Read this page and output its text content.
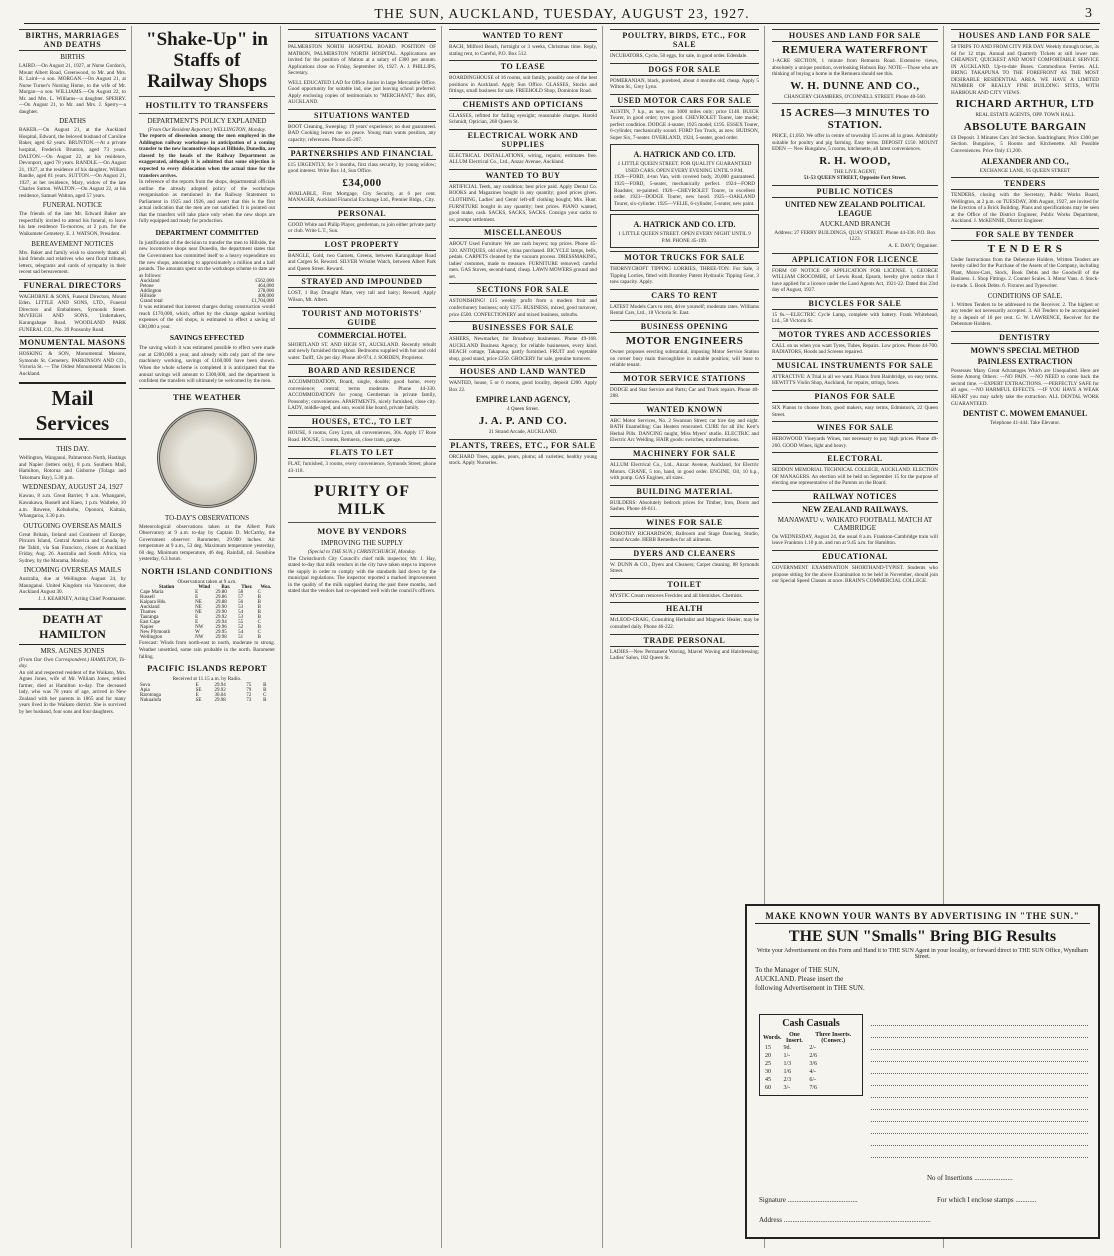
THE SUN, AUCKLAND, TUESDAY, AUGUST 23, 1927.	3
BIRTHS, MARRIAGES AND DEATHS
BIRTHS
LAIRD.—On August 21, 1927, at Nurse Gordon's, Mount Albert Road, Greenwood, to Mr. and Mrs. R. Laird—a son. MORGAN.—On August 21, at Nurse Turner's Nursing Home, to the wife of Mr. Morgan—a son. WILLIAMS.—On August 22, to Mr. and Mrs. L. Williams—a daughter. SPERRY.—On August 21, to Mr. and Mrs. J. Sperry—a daughter.
DEATHS
BAKER.—On August 21, at the Auckland Hospital, Edward, the beloved husband of Caroline Baker, aged 62 years. BRUNTON.—At a private hospital, Frederick Brunton, aged 73 years. DALTON.—On August 22, at his residence, Devonport, aged 70 years. RANDLE.—On August 21, 1927, at the residence of his daughter, William Randle, aged 81 years. SUTTON.—On August 21, 1927, at her residence, Mary, widow of the late Charles Sutton. WALTON.—On August 22, at his residence, Samuel Walton, aged 57 years.
FUNERAL NOTICE
The friends of the late Mr. Edward Baker are respectfully invited to attend his funeral, to leave his late residence To-morrow, at 2 p.m. for the Waikumete Cemetery. E. J. WATSON, President.
BEREAVEMENT NOTICES
Mrs. Baker and family wish to sincerely thank all kind friends and relatives who sent floral tributes, letters, telegrams and cards of sympathy in their recent sad bereavement.
FUNERAL DIRECTORS
WAGHORNE & SONS, Funeral Directors, Mount Eden. LITTLE AND SONS, LTD., Funeral Directors and Embalmers, Symonds Street. McVEIGH AND SONS, Undertakers, Karangahape Road. WOODLAND PARK FUNERAL CO., No. 39 Ponsonby Road.
MONUMENTAL MASONS
HOSKING & SON, Monumental Masons, Symonds St. Cemetery. PARKINSON AND CO., Victoria St. — The Oldest Monumental Masons in Auckland.
Mail Services
THIS DAY.
Wellington, Wanganui, Palmerston North, Hastings and Napier (letters only), 8 p.m. Southern Mail, Hamilton, Rotorua and Gisborne (Tolaga and Tokomaru Bay), 5.30 p.m.
WEDNESDAY, AUGUST 24, 1927
Kawau, 8 a.m. Great Barrier, 9 a.m. Whangarei, Kawakawa, Russell and Kaeo, 1 p.m. Waiheke, 10 a.m. Rawene, Kohukohu, Opononi, Kaitaia, Whangaroa, 3.30 p.m.
OUTGOING OVERSEAS MAILS
Great Britain, Ireland and Continent of Europe, Pitcairn Island, Central America and Canada, by the Tahiti, via San Francisco, closes at Auckland Friday, Aug. 26. Australia and South Africa, via Sydney, by the Marama, Monday.
INCOMING OVERSEAS MAILS
Australia, due at Wellington August 24, by Maunganui. United Kingdom via Vancouver, due Auckland August 30.
J. J. KEARNEY, Acting Chief Postmaster.
DEATH AT HAMILTON
MRS. AGNES JONES
(From Our Own Correspondent.) HAMILTON, To-day.
An old and respected resident of the Waikato, Mrs. Agnes Jones, wife of Mr. William Jones, retired farmer, died at Hamilton to-day. The deceased lady, who was 78 years of age, arrived in New Zealand with her parents in 1865 and for many years lived in the Waikato district. She is survived by her husband, four sons and four daughters.
"Shake-Up" in Staffs of Railway Shops
HOSTILITY TO TRANSFERS
DEPARTMENT'S POLICY EXPLAINED
(From Our Resident Reporter.) WELLINGTON, Monday.
The reports of dissension among the men employed in the Addington railway workshops in anticipation of a coming transfer to the new locomotive shops at Hillside, Dunedin, are classed by the heads of the Railway Department as exaggerated, although it is admitted that some objection is expected to every dislocation when the actual time for the transfers arrives.
In reference of the reports from the shops, departmental officials outline the already adopted policy of the workshops reorganisation as mentioned in the Railway Statement to Parliament in 1925 and 1926, and assert that this is the first actual indication that the men are not satisfied. It is pointed out that the transfers will take place only when the new shops are fully equipped and ready for production.
DEPARTMENT COMMITTED
In justification of the decision to transfer the men to Hillside, the new locomotive shops near Dunedin, the department states that the Government has committed itself to a heavy expenditure on the new shops, amounting to approximately a million and a half pounds. The amounts spent on the workshops scheme to date are as follows:
Auckland	£562,000
Petone	464,000
Addington	278,000
Hillside	400,000
Grand total	£1,704,000
It was estimated that interest charges during construction would reach £170,000, which, offset by the change against working expenses of the old shops, is estimated to effect a saving of £80,000 a year.
SAVINGS EFFECTED
The saving which it was estimated possible to effect were made out at £200,000 a year, and already with only part of the new machinery working, savings of £160,000 have been shown. When the whole scheme is completed it is anticipated that the annual savings will amount to £300,000, and the department is confident the transfers will ultimately be welcomed by the men.
THE WEATHER
TO-DAY'S OBSERVATIONS
Meteorological observations taken at the Albert Park Observatory at 9 a.m. to-day by Captain D. McCarthy, the Government observer: Barometer, 29.900 inches. Air temperature at 9 a.m., 53 deg. Maximum temperature yesterday, 60 deg. Minimum temperature, 46 deg. Rainfall, nil. Sunshine yesterday, 6.3 hours.
NORTH ISLAND CONDITIONS
Observations taken at 9 a.m.
Station	Wind	Bar.	Ther.	Wea.
Cape Maria	E	29.80	58	C
Russell	E	29.86	57	B
Kaipara Hds.	NE	29.88	56	B
Auckland	NE	29.90	53	B
Thames	NE	29.90	54	B
Tauranga	E	29.92	53	B
East Cape	E	29.94	55	C
Napier	NW	29.96	52	B
New Plymouth	W	29.95	54	C
Wellington	NW	29.98	51	B
Forecast: Winds from north-east to north, moderate to strong. Weather unsettled, some rain probable in the north. Barometer falling.
PACIFIC ISLANDS REPORT
Received at 11.15 a.m. by Radio.
Suva	E	29.94	75	B
Apia	SE	29.92	79	B
Rarotonga	E	30.04	72	C
Nukualofa	SE	29.98	73	B
SITUATIONS VACANT
PALMERSTON NORTH HOSPITAL BOARD. POSITION OF MATRON, PALMERSTON NORTH HOSPITAL. Applications are invited for the position of Matron at a salary of £300 per annum. Applications close on Friday, September 16, 1927. A. J. PHILLIPS, Secretary.
WELL EDUCATED LAD for Office Junior in large Mercantile Office. Good opportunity for suitable lad, one just leaving school preferred. Apply enclosing copies of testimonials to "MERCHANT," Box 466, AUCKLAND.
SITUATIONS WANTED
BOOT Cleaning, Sweeping: 19 years' experience; no dust guaranteed. BAD Cooking leaves me no peace. Young man wants position, any capacity; references. Phone 45-207.
PARTNERSHIPS AND FINANCIAL
£15 URGENTLY, for 3 months, first class security, by young widow; good interest. Write Box 14, Sun Office.
£34,000
AVAILABLE, First Mortgage, City Security, at 6 per cent. MANAGER, Auckland Financial Exchange Ltd., Premier Bldgs., City.
PERSONAL
GOOD White and Philip Player, gentleman, to join either private party or club. Write L.T., Sun.
LOST PROPERTY
BANGLE, Gold, two Garnets, Greens, between Karangahape Road and Cargen St. Reward. SILVER Wristlet Watch, between Albert Park and Queen Street. Reward.
STRAYED AND IMPOUNDED
LOST, 1 Bay Draught Mare, very tall and hairy; Reward; Apply Wilson, Mt. Albert.
TOURIST AND MOTORISTS' GUIDE
COMMERCIAL HOTEL
SHORTLAND ST. AND HIGH ST., AUCKLAND. Recently rebuilt and newly furnished throughout. Bedrooms supplied with hot and cold water. Tariff, 12s per day. Phone 40-974. J. SORDEN, Proprietor.
BOARD AND RESIDENCE
ACCOMMODATION, Board, single, double; good home, every convenience; central; terms moderate. Phone 44-330. ACCOMMODATION for young Gentleman in private family, Ponsonby; conveniences. APARTMENTS, nicely furnished, close city. LADY, middle-aged, and son, would like board, private family.
HOUSES, ETC., TO LET
HOUSE, 6 rooms, Grey Lynn, all conveniences, 30s. Apply 17 Rose Road. HOUSE, 5 rooms, Remuera, close tram, garage.
FLATS TO LET
FLAT, furnished, 3 rooms, every convenience, Symonds Street; phone 43-118.
PURITY OF MILK
MOVE BY VENDORS
IMPROVING THE SUPPLY
(Special to THE SUN.) CHRISTCHURCH, Monday.
The Christchurch City Council's chief milk inspector, Mr. J. Hay, stated to-day that milk vendors in the city have taken steps to improve the supply in order to comply with the standards laid down by the municipal regulations. The inspector reported a marked improvement in the quality of the milk supplied during the past three months, and stated that the vendors had co-operated well with the council's officers.
WANTED TO RENT
BACH, Milford Beach, fortnight or 3 weeks, Christmas time. Reply, stating rent, to Careful, P.O. Box 512.
TO LEASE
BOARDINGHOUSE of 16 rooms, suit family, possibly one of the best positions in Auckland. Apply Sun Office. GLASSES, Stocks and fittings, small business for sale. FREEHOLD Shop, Dominion Road.
CHEMISTS AND OPTICIANS
GLASSES, refitted for failing eyesight; reasonable charges. Harold Schmidt, Optician, 268 Queen St.
ELECTRICAL WORK AND SUPPLIES
ELECTRICAL INSTALLATIONS, wiring, repairs; estimates free. ALLUM Electrical Co., Ltd., Anzac Avenue, Auckland.
WANTED TO BUY
ARTIFICIAL Teeth, any condition; best price paid. Apply Dental Co. BOOKS and Magazines bought in any quantity; good prices given. CLOTHING, Ladies' and Gents' left-off clothing bought; Mrs. Hunt. FURNITURE bought in any quantity; best prices. PIANO wanted, good make, cash. SACKS, SACKS, SACKS. Consign your sacks to us; prompt settlement.
MISCELLANEOUS
ABOUT Used Furniture: We are cash buyers; top prices. Phone 45-320. ANTIQUES, old silver, china purchased. BICYCLE lamps, bells, pedals. CARPETS cleaned by the vacuum process. DRESSMAKING, ladies' costumes, made to measure. FURNITURE removed; careful men. GAS Stoves, second-hand, cheap. LAWN MOWERS ground and set.
SECTIONS FOR SALE
ASTONISHING! £15 weekly profit from a modern fruit and confectionery business; only £375. BUSINESS, mixed, good turnover, price £500. CONFECTIONERY and mixed business, suburbs.
BUSINESSES FOR SALE
ASHERS, Newmarket, for Broadway businesses. Phone 49-168. AUCKLAND Business Agency, for reliable businesses, every kind. BEACH cottage, Takapuna, partly furnished. FRUIT and vegetable shop, good stand, price £250. GROCERY for sale, genuine turnover.
HOUSES AND LAND WANTED
WANTED, house, 5 or 6 rooms, good locality, deposit £200. Apply Box 22.
EMPIRE LAND AGENCY,
4 Queen Street.
J. A. P. AND CO.
31 Strand Arcade, AUCKLAND.
PLANTS, TREES, ETC., FOR SALE
ORCHARD Trees, apples, pears, plums; all varieties; healthy young stock. Apply Nurseries.
POULTRY, BIRDS, ETC., FOR SALE
INCUBATORS, Cyclo, 50 eggs, for sale, in good order. Edendale.
DOGS FOR SALE
POMERANIAN, black, purebred, about 4 months old; cheap. Apply 5 Wilton St., Grey Lynn.
USED MOTOR CARS FOR SALE
AUSTIN, 7 h.p., as new, run 3000 miles only; price £140. BUICK Tourer, in good order; tyres good. CHEVROLET Tourer, late model; perfect condition. DODGE 4-seater, 1925 model; £195. ESSEX Tourer, 6-cylinder, mechanically sound. FORD Ton Truck, as new. HUDSON, Super Six, 7-seater. OVERLAND, 1924, 5-seater, good order.
A. HATRICK AND CO. LTD.
1 LITTLE QUEEN STREET. FOR QUALITY GUARANTEED USED CARS. OPEN EVERY EVENING UNTIL 9 P.M.
1926—FORD, 4-ton Van, with covered body, 20,000 guaranteed. 1925—FORD, 5-seater, mechanically perfect. 1924—FORD Roadster, re-painted. 1926—CHEVROLET Tourer, in excellent order. 1923—DODGE Tourer, new hood. 1925—OAKLAND Tourer, six-cylinder. 1925—VELIE, 6-cylinder, 5-seater, new paint.
A. HATRICK AND CO. LTD.
1 LITTLE QUEEN STREET. OPEN EVERY NIGHT UNTIL 9 P.M. PHONE 45-199.
MOTOR TRUCKS FOR SALE
THORNYCROFT TIPPING LORRIES, THREE-TON. For Sale, 3 Tipping Lorries, fitted with Bromley Patent Hydraulic Tipping Gear, 3 tons capacity. Apply.
CARS TO RENT
LATEST Models Cars to rent, drive yourself; moderate rates. Williams Rental Cars, Ltd., 18 Victoria St. East.
BUSINESS OPENING
MOTOR ENGINEERS
Owner proposes erecting substantial, imposing Motor Service Station on corner busy main thoroughfare in suitable position; will lease to reliable tenant.
MOTOR SERVICE STATIONS
DODGE and Star Service and Parts; Car and Truck repairs. Phone 40-288.
WANTED KNOWN
ABC Motor Services, No. 2 Swanson Street; car hire day and night. BATH Enamelling: Gas Heaters renovated. CURE for all ills: Kerr's Herbal Pills. DANCING taught, Miss Myers' studio. ELECTRIC and Electric Arc Welding. HAIR goods: switches, transformations.
MACHINERY FOR SALE
ALLUM Electrical Co., Ltd., Anzac Avenue, Auckland, for Electric Motors. CRANE, 5 ton, hand, in good order. ENGINE, Oil, 10 h.p., with pump. GAS Engines, all sizes.
BUILDING MATERIAL
BUILDERS: Absolutely bedrock prices for Timber, Iron, Doors and Sashes. Phone 46-611.
WINES FOR SALE
DOROTHY RICHARDSON, Ballroom and Stage Dancing, Studio, Strand Arcade. HERB Remedies for all ailments.
DYERS AND CLEANERS
W. DUNN & CO., Dyers and Cleaners; Carpet cleaning. 88 Symonds Street.
TOILET
MYSTIC Cream removes Freckles and all blemishes. Chemists.
HEALTH
McLEOD-CRAIG, Consulting Herbalist and Magnetic Healer, may be consulted daily. Phone 46-222.
TRADE PERSONAL
LADIES—New Permanent Waving, Marcel Waving and Hairdressing; Ladies' Salon, 182 Queen St.
HOUSES AND LAND FOR SALE
REMUERA WATERFRONT
1-ACRE SECTION, 1 minute from Remuera Road. Extensive views, absolutely a unique position, overlooking Hobson Bay. NOTE—Those who are thinking of buying a home in the Remuera should see this.
W. H. DUNNE AND CO.,
CHANCERY CHAMBERS, O'CONNELL STREET. Phone 40-560.
15 ACRES—3 MINUTES TO STATION.
PRICE, £1,050. We offer in centre of township 15 acres all in grass. Admirably suitable for poultry and pig farming. Easy terms. DEPOSIT £150. MOUNT EDEN — New Bungalow, 5 rooms, kitchenette, all latest conveniences.
R. H. WOOD,
THE LIVE AGENT,
51-53 QUEEN STREET, Opposite Fort Street.
PUBLIC NOTICES
UNITED NEW ZEALAND POLITICAL LEAGUE
AUCKLAND BRANCH
Address: 27 FERRY BUILDINGS, QUAY STREET. Phone 44-336. P.O. Box 1223.
A. E. DAVY, Organiser.
APPLICATION FOR LICENCE
FORM OF NOTICE OF APPLICATION FOR LICENSE. I, GEORGE WILLIAM CROCOMBE, of Lewis Road, Epsom, hereby give notice that I have applied for a licence under the Land Agents Act, 1921-22. Dated this 23rd day of August, 1927.
BICYCLES FOR SALE
15 6s.—ELECTRIC Cycle Lamp, complete with battery. Frank Whitehead, Ltd., 58 Victoria St.
MOTOR TYRES AND ACCESSORIES
CALL on us when you want Tyres, Tubes, Repairs. Low prices. Phone 44-700. RADIATORS, Hoods and Screens repaired.
MUSICAL INSTRUMENTS FOR SALE
ATTRACTIVE: A Trial is all we want. Pianos from Bainbridge, on easy terms. HEWITT'S Violin Shop, Auckland, for repairs, strings, bows.
PIANOS FOR SALE
SIX Pianos to choose from, good makers, easy terms, Edmiston's, 22 Queen Street.
WINES FOR SALE
HEROWOOD Vineyards Wines, not necessary to pay high prices. Phone 49-260. GOOD Wines, light and heavy.
ELECTORAL
SEDDON MEMORIAL TECHNICAL COLLEGE, AUCKLAND. ELECTION OF MANAGERS. An election will be held on September 15 for the purpose of electing one representative of the Parents on the Board.
RAILWAY NOTICES
NEW ZEALAND RAILWAYS.
MANAWATU v. WAIKATO FOOTBALL MATCH AT CAMBRIDGE
On WEDNESDAY, August 24, the usual 8 a.m. Frankton-Cambridge train will leave Frankton 1.10 p.m. and run at 9.45 a.m. for Hamilton.
EDUCATIONAL
GOVERNMENT EXAMINATION SHORTHAND-TYPIST. Students who propose sitting for the above Examination to be held in November, should join our Special Speed Classes at once. BRAIN'S COMMERCIAL COLLEGE.
HOUSES AND LAND FOR SALE
58 TRIPS TO AND FROM CITY PER DAY. Weekly through ticket, 3s 6d for 12 trips. Annual and Quarterly Tickets at still lower rate. CHEAPEST, QUICKEST AND MOST COMFORTABLE SERVICE IN AUCKLAND. Up-to-date Buses. Commodious Ferries. ALL BRING TAKAPUNA TO THE FOREFRONT AS THE MOST DESIRABLE RESIDENTIAL AREA. WE HAVE A LIMITED NUMBER OF REALLY FINE BUILDING SITES, WITH HARBOUR AND CITY VIEWS.
RICHARD ARTHUR, LTD
REAL ESTATE AGENTS, OPP. TOWN HALL
ABSOLUTE BARGAIN
£6 Deposit. 3 Minutes Cars 3rd Section. Sandringham; Price £300 per Section. Bungalow, 5 Rooms and Kitchenette. All Possible Conveniences. Price Only £1,200.
ALEXANDER AND CO.,
EXCHANGE LANE, 95 QUEEN STREET
TENDERS
TENDERS, closing with the Secretary, Public Works Board, Wellington, at 2 p.m. on TUESDAY, 30th August, 1927, are invited for the Erection of a Brick Building. Plans and specifications may be seen at the Office of the District Engineer, Public Works Department, Auckland. J. McKENNIE, District Engineer.
FOR SALE BY TENDER
T E N D E R S
Under Instructions from the Debenture Holders, Written Tenders are hereby called for the Purchase of the Assets of the Company, including Plant, Motor-Cars, Stock, Book Debts and the Goodwill of the Business. 1. Shop Fittings. 2. Counter Scales. 3. Motor Vans. 4. Stock-in-trade. 5. Book Debts. 6. Fixtures and Typewriter.
CONDITIONS OF SALE.
1. Written Tenders to be addressed to the Receiver. 2. The highest or any tender not necessarily accepted. 3. All Tenders to be accompanied by a deposit of 10 per cent. G. W. LAWRENCE, Receiver for the Debenture Holders.
DENTISTRY
MOWN'S SPECIAL METHOD
PAINLESS EXTRACTION
Possesses Many Great Advantages Which are Unequalled. Here are Some Among Others: —NO PAIN. —NO NEED to come back the second time. —EXPERT EXTRACTIONS. —PERFECTLY SAFE for all ages. —NO HARMFUL EFFECTS. —IF YOU HAVE A WEAK HEART you may safely take the extraction. ALL DENTAL WORK GUARANTEED.
DENTIST C. MOWEM EMANUEL
Telephone 41-444. Take Elevator.
MAKE KNOWN YOUR WANTS BY ADVERTISING IN "THE SUN."
THE SUN "Smalls" Bring BIG Results
Write your Advertisement on this Form and Hand it to THE SUN Agent in your locality, or forward direct to THE SUN Office, Wyndham Street.
To the Manager of THE SUN, AUCKLAND. Please insert the following Advertisement in THE SUN.
Cash Casuals
Words.	One Insert.	Three Inserts. (Consec.)
15	9d.	2/-
20	1/-	2/6
25	1/3	3/6
30	1/6	4/-
45	2/3	6/-
60	3/-	7/6
No of Insertions ......................
Signature ........................................	For which I enclose stamps ............
Address ....................................................................................
